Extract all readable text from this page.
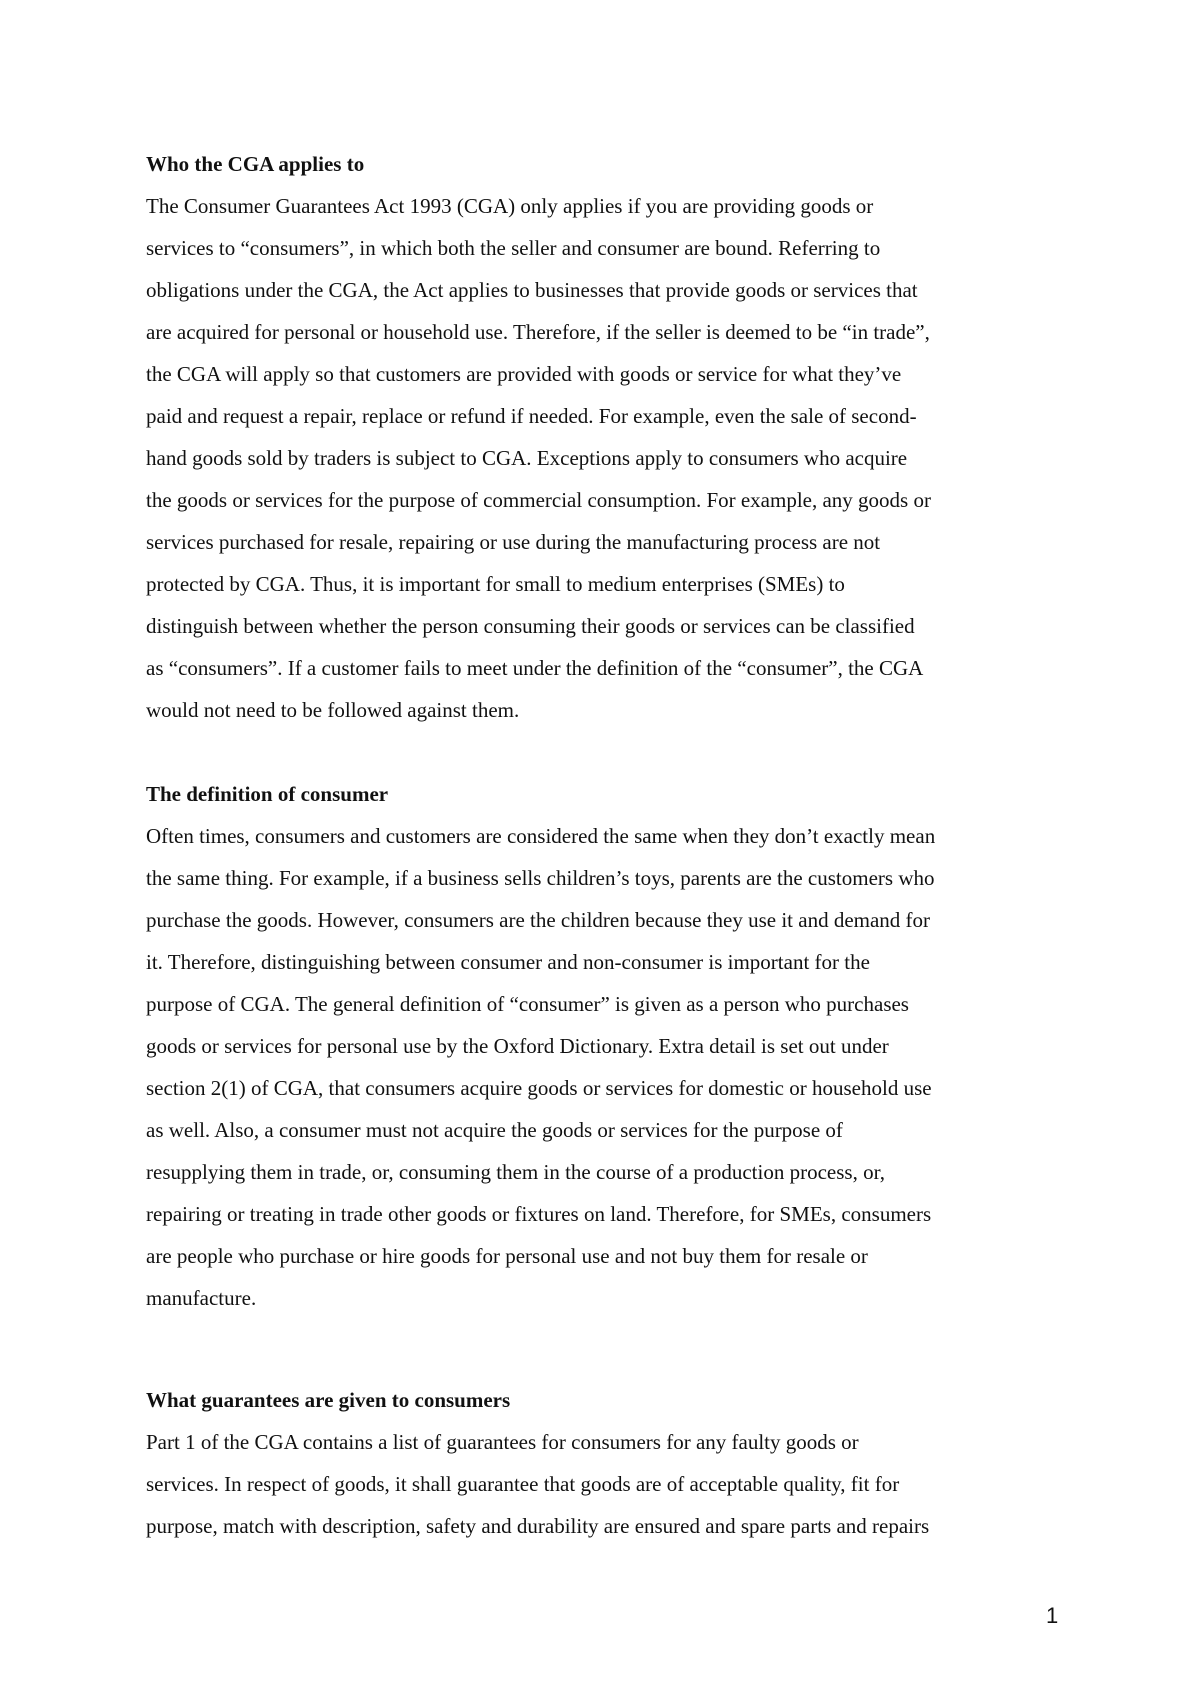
Who the CGA applies to

The Consumer Guarantees Act 1993 (CGA) only applies if you are providing goods or
services to “consumers”, in which both the seller and consumer are bound. Referring to
obligations under the CGA, the Act applies to businesses that provide goods or services that
are acquired for personal or household use. Therefore, if the seller is deemed to be “in trade”,
the CGA will apply so that customers are provided with goods or service for what they’ve
paid and request a repair, replace or refund if needed. For example, even the sale of second-
hand goods sold by traders is subject to CGA. Exceptions apply to consumers who acquire
the goods or services for the purpose of commercial consumption. For example, any goods or
services purchased for resale, repairing or use during the manufacturing process are not
protected by CGA. Thus, it is important for small to medium enterprises (SMEs) to
distinguish between whether the person consuming their goods or services can be classified
as “consumers”. If a customer fails to meet under the definition of the “consumer”, the CGA
would not need to be followed against them.

The definition of consumer

Often times, consumers and customers are considered the same when they don’t exactly mean
the same thing. For example, if a business sells children’s toys, parents are the customers who
purchase the goods. However, consumers are the children because they use it and demand for
it. Therefore, distinguishing between consumer and non-consumer is important for the
purpose of CGA. The general definition of “consumer” is given as a person who purchases
goods or services for personal use by the Oxford Dictionary. Extra detail is set out under
section 2(1) of CGA, that consumers acquire goods or services for domestic or household use
as well. Also, a consumer must not acquire the goods or services for the purpose of
resupplying them in trade, or, consuming them in the course of a production process, or,
repairing or treating in trade other goods or fixtures on land. Therefore, for SMEs, consumers
are people who purchase or hire goods for personal use and not buy them for resale or
manufacture.

What guarantees are given to consumers

Part 1 of the CGA contains a list of guarantees for consumers for any faulty goods or
services. In respect of goods, it shall guarantee that goods are of acceptable quality, fit for
purpose, match with description, safety and durability are ensured and spare parts and repairs

1
